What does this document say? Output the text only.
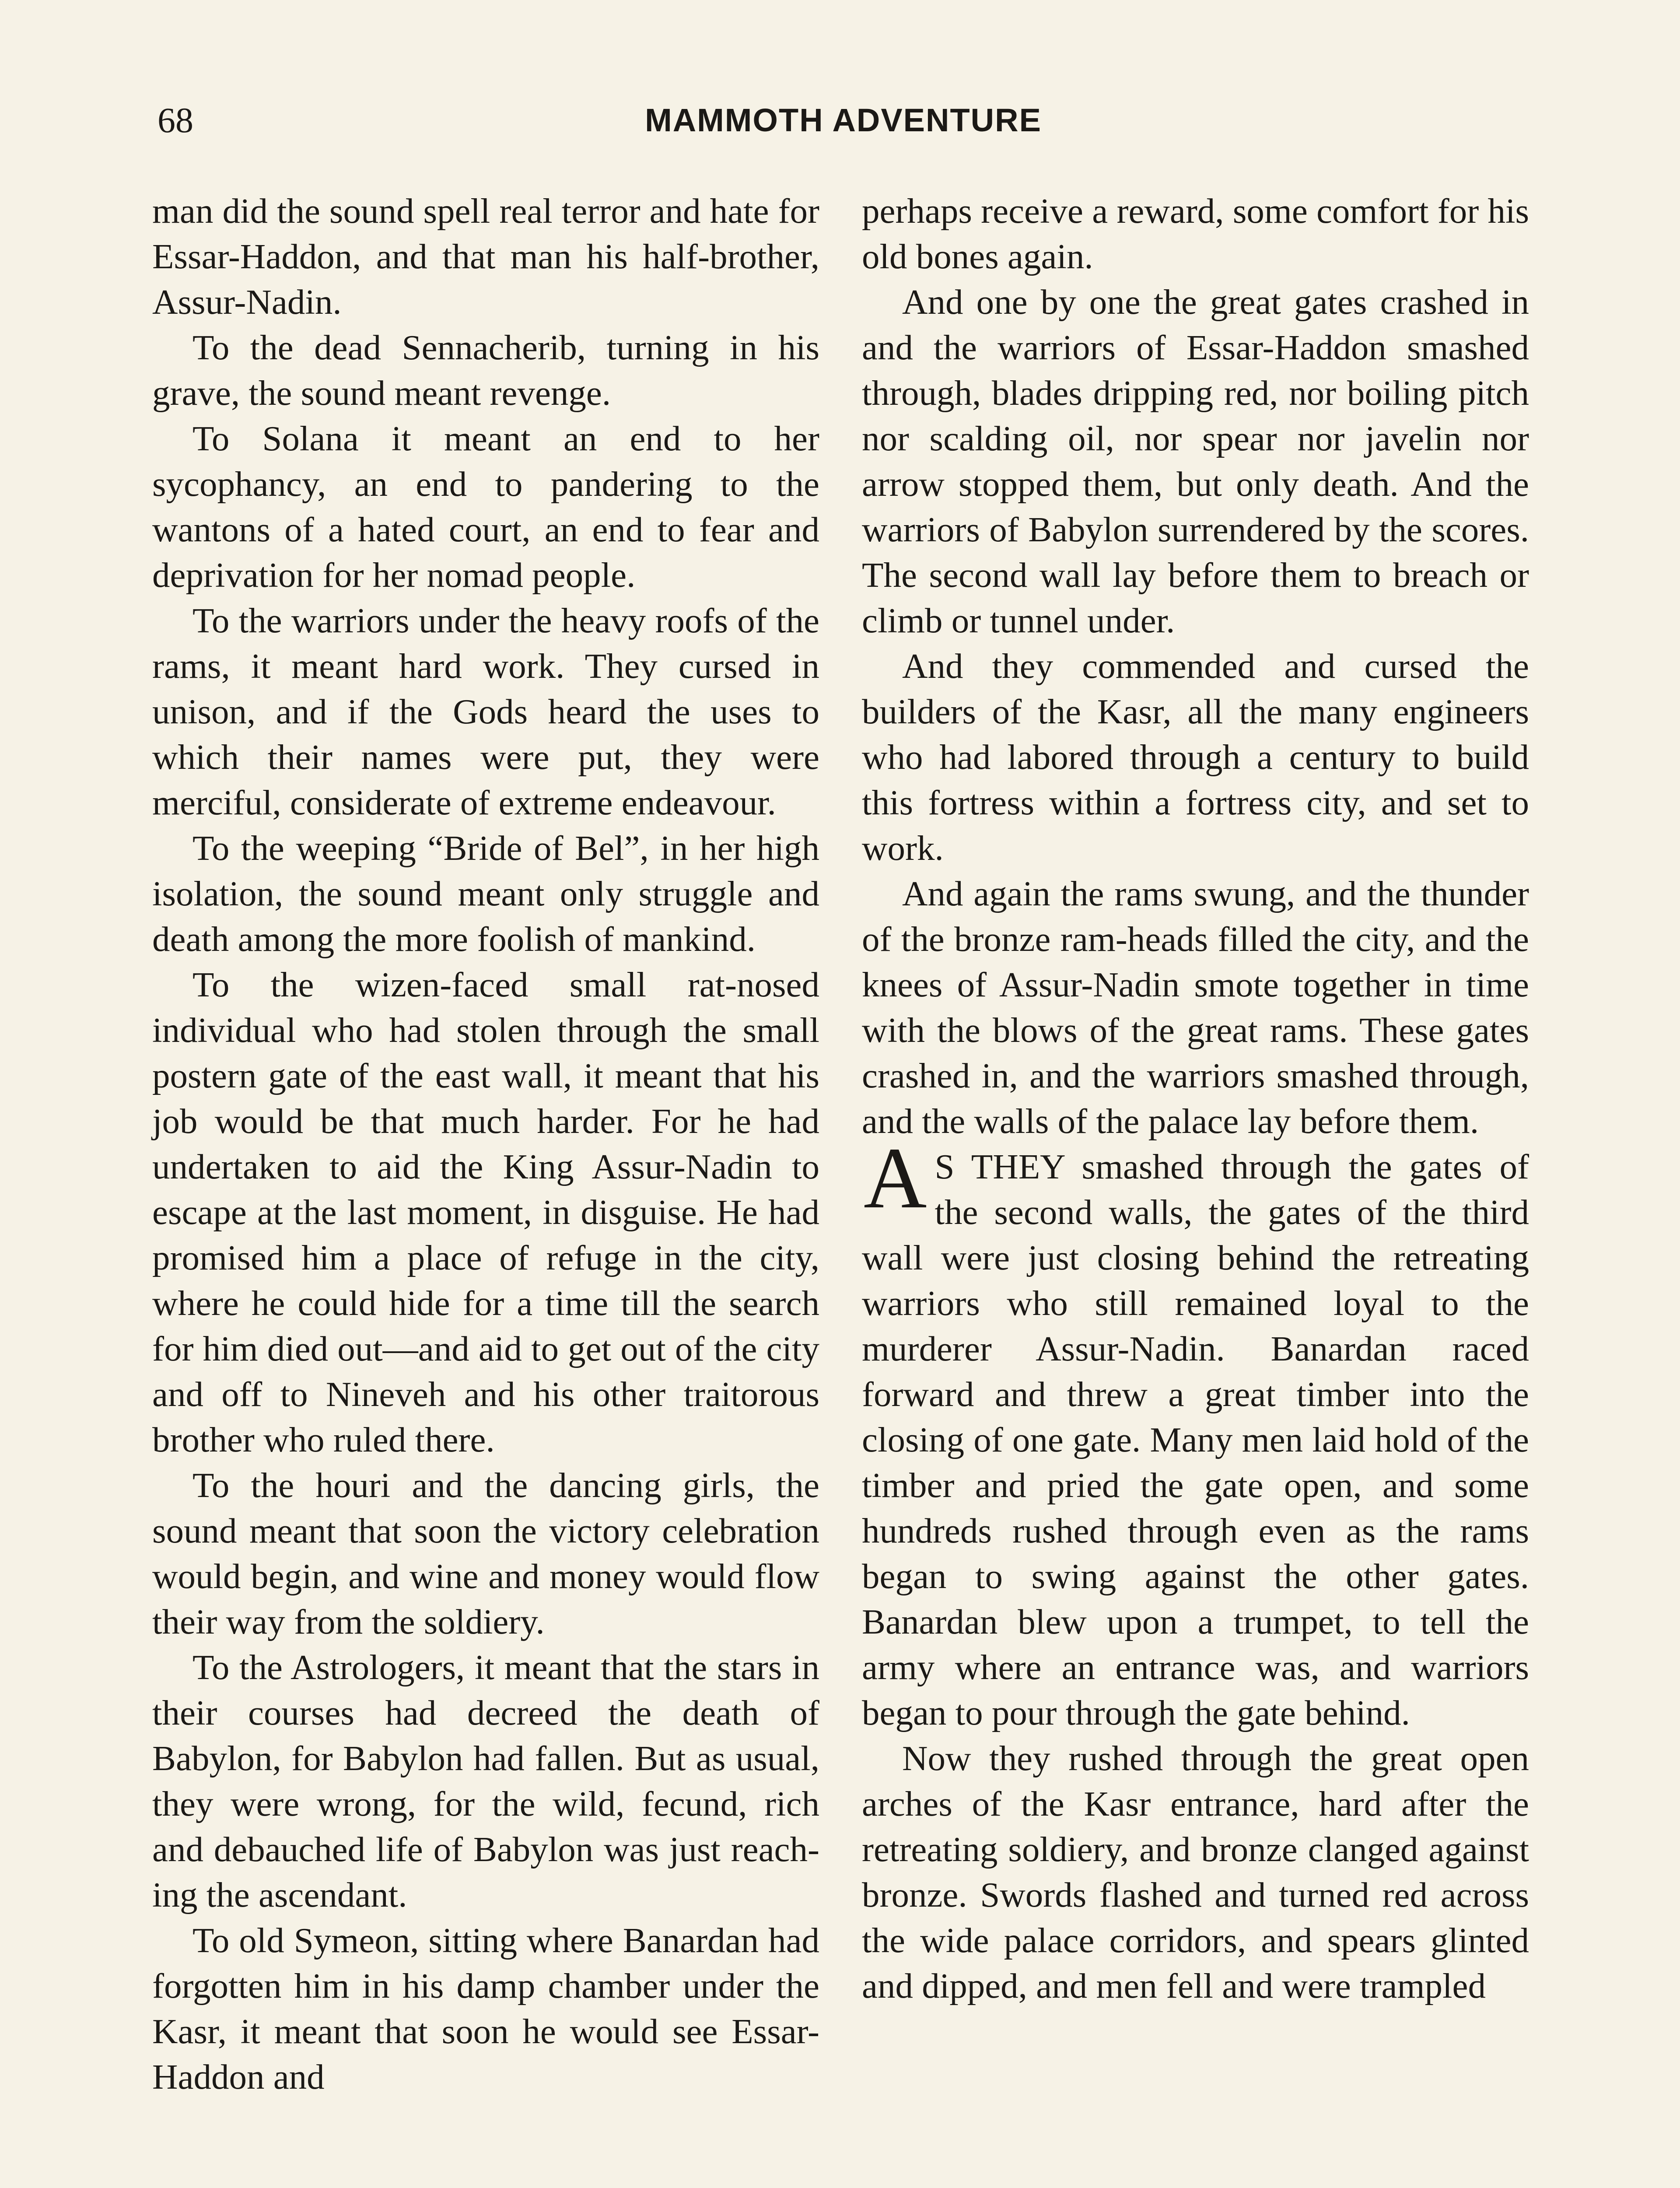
68	MAMMOTH ADVENTURE

man did the sound spell real terror and hate for Essar-Haddon, and that man his half-brother, Assur-Nadin.

To the dead Sennacherib, turning in his grave, the sound meant revenge.

To Solana it meant an end to her sycophancy, an end to pandering to the wantons of a hated court, an end to fear and deprivation for her nomad people.

To the warriors under the heavy roofs of the rams, it meant hard work. They cursed in unison, and if the Gods heard the uses to which their names were put, they were merciful, considerate of extreme endeavour.

To the weeping “Bride of Bel”, in her high isolation, the sound meant only struggle and death among the more foolish of mankind.

To the wizen-faced small rat-nosed individual who had stolen through the small postern gate of the east wall, it meant that his job would be that much harder. For he had undertaken to aid the King Assur-Nadin to escape at the last moment, in disguise. He had promised him a place of refuge in the city, where he could hide for a time till the search for him died out—and aid to get out of the city and off to Nineveh and his other traitorous brother who ruled there.

To the houri and the dancing girls, the sound meant that soon the victory celebration would begin, and wine and money would flow their way from the soldiery.

To the Astrologers, it meant that the stars in their courses had decreed the death of Babylon, for Babylon had fallen. But as usual, they were wrong, for the wild, fecund, rich and debauched life of Babylon was just reaching the ascendant.

To old Symeon, sitting where Banardan had forgotten him in his damp chamber under the Kasr, it meant that soon he would see Essar-Haddon and

perhaps receive a reward, some comfort for his old bones again.

And one by one the great gates crashed in and the warriors of Essar-Haddon smashed through, blades dripping red, nor boiling pitch nor scalding oil, nor spear nor javelin nor arrow stopped them, but only death. And the warriors of Babylon surrendered by the scores. The second wall lay before them to breach or climb or tunnel under.

And they commended and cursed the builders of the Kasr, all the many engineers who had labored through a century to build this fortress within a fortress city, and set to work.

And again the rams swung, and the thunder of the bronze ram-heads filled the city, and the knees of Assur-Nadin smote together in time with the blows of the great rams. These gates crashed in, and the warriors smashed through, and the walls of the palace lay before them.

AS THEY smashed through the gates of the second walls, the gates of the third wall were just closing behind the retreating warriors who still remained loyal to the murderer Assur-Nadin. Banardan raced forward and threw a great timber into the closing of one gate. Many men laid hold of the timber and pried the gate open, and some hundreds rushed through even as the rams began to swing against the other gates. Banardan blew upon a trumpet, to tell the army where an entrance was, and warriors began to pour through the gate behind.

Now they rushed through the great open arches of the Kasr entrance, hard after the retreating soldiery, and bronze clanged against bronze. Swords flashed and turned red across the wide palace corridors, and spears glinted and dipped, and men fell and were trampled
